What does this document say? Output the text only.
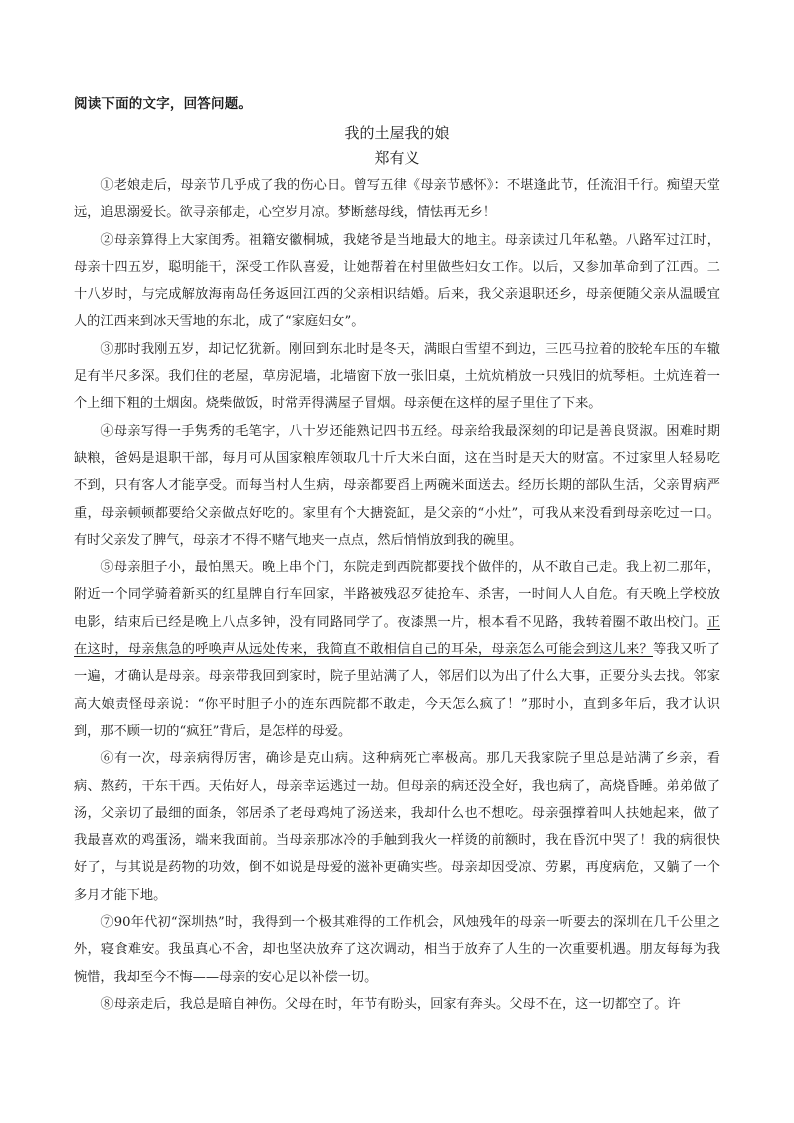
阅读下面的文字，回答问题。
我的土屋我的娘
郑有义

①老娘走后，母亲节几乎成了我的伤心日。曾写五律《母亲节感怀》：不堪逢此节，任流泪千行。痴望天堂远，追思溺爱长。欲寻亲郁走，心空岁月凉。梦断慈母线，情怯再无乡！

②母亲算得上大家闺秀。祖籍安徽桐城，我姥爷是当地最大的地主。母亲读过几年私塾。八路军过江时，母亲十四五岁，聪明能干，深受工作队喜爱，让她帮着在村里做些妇女工作。以后，又参加革命到了江西。二十八岁时，与完成解放海南岛任务返回江西的父亲相识结婚。后来，我父亲退职还乡，母亲便随父亲从温暖宜人的江西来到冰天雪地的东北，成了“家庭妇女”。

③那时我刚五岁，却记忆犹新。刚回到东北时是冬天，满眼白雪望不到边，三匹马拉着的胶轮车压的车辙足有半尺多深。我们住的老屋，草房泥墙，北墙窗下放一张旧桌，土炕炕梢放一只残旧的炕琴柜。土炕连着一个上细下粗的土烟囱。烧柴做饭，时常弄得满屋子冒烟。母亲便在这样的屋子里住了下来。

④母亲写得一手隽秀的毛笔字，八十岁还能熟记四书五经。母亲给我最深刻的印记是善良贤淑。困难时期缺粮，爸妈是退职干部，每月可从国家粮库领取几十斤大米白面，这在当时是天大的财富。不过家里人轻易吃不到，只有客人才能享受。而每当村人生病，母亲都要舀上两碗米面送去。经历长期的部队生活，父亲胃病严重，母亲顿顿都要给父亲做点好吃的。家里有个大搪瓷缸，是父亲的“小灶”，可我从来没看到母亲吃过一口。有时父亲发了脾气，母亲才不得不赌气地夹一点点，然后悄悄放到我的碗里。

⑤母亲胆子小，最怕黑天。晚上串个门，东院走到西院都要找个做伴的，从不敢自己走。我上初二那年，附近一个同学骑着新买的红星牌自行车回家，半路被残忍歹徒抢车、杀害，一时间人人自危。有天晚上学校放电影，结束后已经是晚上八点多钟，没有同路同学了。夜漆黑一片，根本看不见路，我转着圈不敢出校门。正在这时，母亲焦急的呼唤声从远处传来，我简直不敢相信自己的耳朵，母亲怎么可能会到这儿来？等我又听了一遍，才确认是母亲。母亲带我回到家时，院子里站满了人，邻居们以为出了什么大事，正要分头去找。邻家高大娘责怪母亲说：“你平时胆子小的连东西院都不敢走，今天怎么疯了！”那时小，直到多年后，我才认识到，那不顾一切的“疯狂”背后，是怎样的母爱。

⑥有一次，母亲病得厉害，确诊是克山病。这种病死亡率极高。那几天我家院子里总是站满了乡亲，看病、熬药，干东干西。天佑好人，母亲幸运逃过一劫。但母亲的病还没全好，我也病了，高烧昏睡。弟弟做了汤，父亲切了最细的面条，邻居杀了老母鸡炖了汤送来，我却什么也不想吃。母亲强撑着叫人扶她起来，做了我最喜欢的鸡蛋汤，端来我面前。当母亲那冰冷的手触到我火一样烫的前额时，我在昏沉中哭了！我的病很快好了，与其说是药物的功效，倒不如说是母爱的滋补更确实些。母亲却因受凉、劳累，再度病危，又躺了一个多月才能下地。

⑦90年代初“深圳热”时，我得到一个极其难得的工作机会，风烛残年的母亲一听要去的深圳在几千公里之外，寝食难安。我虽真心不舍，却也坚决放弃了这次调动，相当于放弃了人生的一次重要机遇。朋友每每为我惋惜，我却至今不悔——母亲的安心足以补偿一切。

⑧母亲走后，我总是暗自神伤。父母在时，年节有盼头，回家有奔头。父母不在，这一切都空了。许
